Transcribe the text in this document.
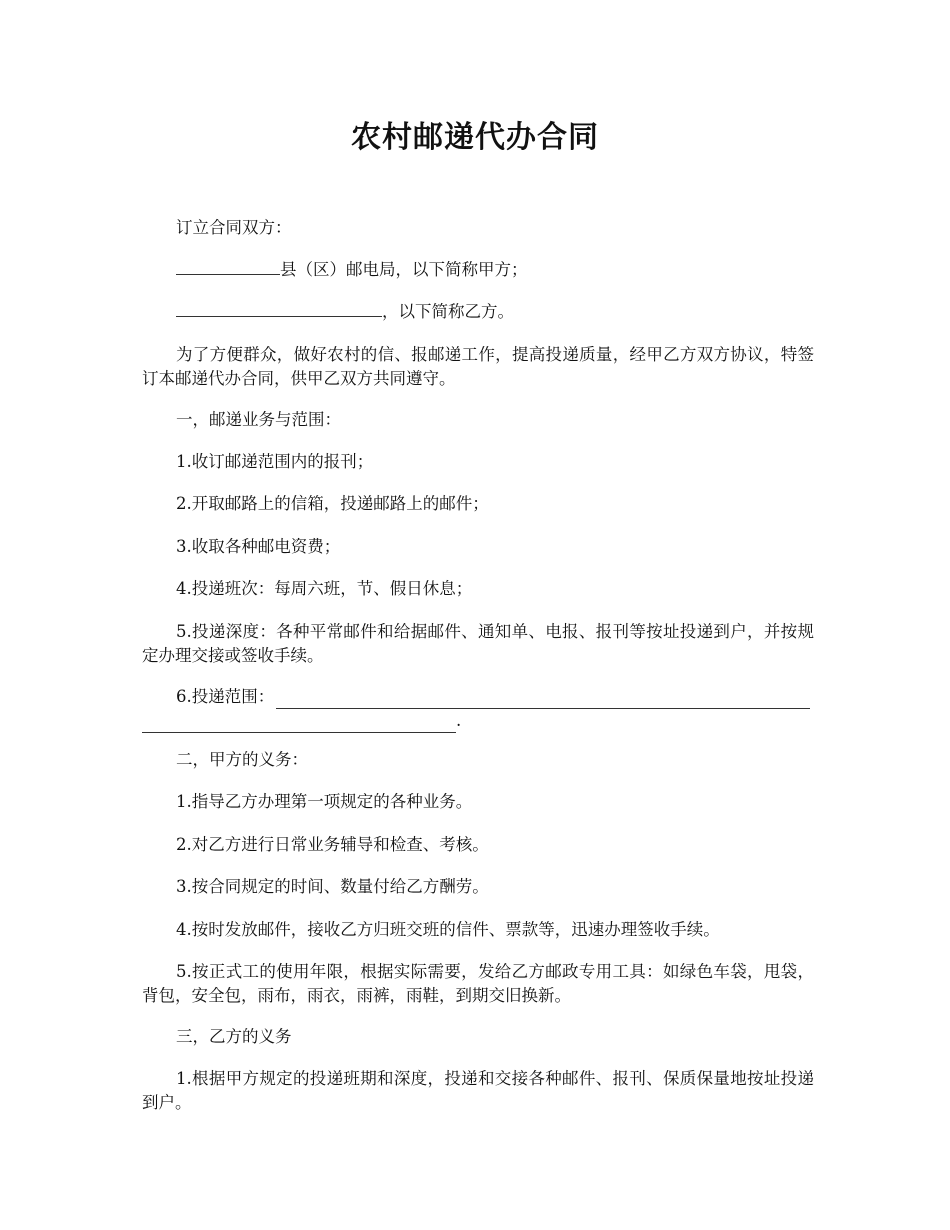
农村邮递代办合同

订立合同双方：

县（区）邮电局，以下简称甲方；

，以下简称乙方。

为了方便群众，做好农村的信、报邮递工作，提高投递质量，经甲乙方双方协议，特签订本邮递代办合同，供甲乙双方共同遵守。

一，邮递业务与范围：

1.收订邮递范围内的报刊；

2.开取邮路上的信箱，投递邮路上的邮件；

3.收取各种邮电资费；

4.投递班次：每周六班，节、假日休息；

5.投递深度：各种平常邮件和给据邮件、通知单、电报、报刊等按址投递到户，并按规定办理交接或签收手续。

6.投递范围：
.

二，甲方的义务：

1.指导乙方办理第一项规定的各种业务。

2.对乙方进行日常业务辅导和检查、考核。

3.按合同规定的时间、数量付给乙方酬劳。

4.按时发放邮件，接收乙方归班交班的信件、票款等，迅速办理签收手续。

5.按正式工的使用年限，根据实际需要，发给乙方邮政专用工具：如绿色车袋，甩袋，背包，安全包，雨布，雨衣，雨裤，雨鞋，到期交旧换新。

三，乙方的义务

1.根据甲方规定的投递班期和深度，投递和交接各种邮件、报刊、保质保量地按址投递到户。
